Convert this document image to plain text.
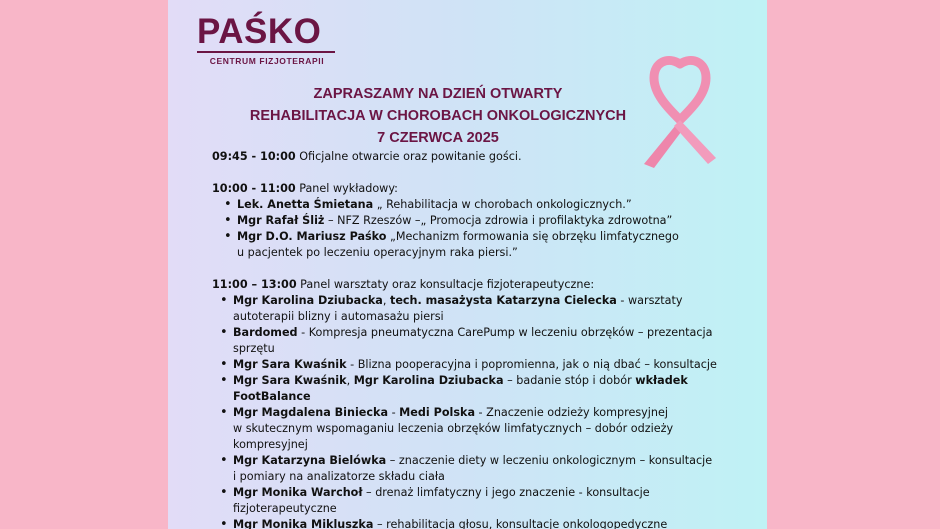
PAŚKO
CENTRUM FIZJOTERAPII
ZAPRASZAMY NA DZIEŃ OTWARTY
REHABILITACJA W CHOROBACH ONKOLOGICZNYCH
7 CZERWCA 2025

09:45 - 10:00 Oficjalne otwarcie oraz powitanie gości.

10:00 - 11:00 Panel wykładowy:

• Lek. Anetta Śmietana „ Rehabilitacja w chorobach onkologicznych.”
• Mgr Rafał Śliż – NFZ Rzeszów –„ Promocja zdrowia i profilaktyka zdrowotna”
• Mgr D.O. Mariusz Paśko „Mechanizm formowania się obrzęku limfatycznego
u pacjentek po leczeniu operacyjnym raka piersi.”

11:00 – 13:00 Panel warsztaty oraz konsultacje fizjoterapeutyczne:

• Mgr Karolina Dziubacka, tech. masażysta Katarzyna Cielecka - warsztaty
autoterapii blizny i automasażu piersi
• Bardomed - Kompresja pneumatyczna CarePump w leczeniu obrzęków – prezentacja
sprzętu
• Mgr Sara Kwaśnik - Blizna pooperacyjna i popromienna, jak o nią dbać – konsultacje
• Mgr Sara Kwaśnik, Mgr Karolina Dziubacka – badanie stóp i dobór wkładek
FootBalance
• Mgr Magdalena Biniecka - Medi Polska - Znaczenie odzieży kompresyjnej
w skutecznym wspomaganiu leczenia obrzęków limfatycznych – dobór odzieży
kompresyjnej
• Mgr Katarzyna Bielówka – znaczenie diety w leczeniu onkologicznym – konsultacje
i pomiary na analizatorze składu ciała
• Mgr Monika Warchoł – drenaż limfatyczny i jego znaczenie - konsultacje
fizjoterapeutyczne
• Mgr Monika Mikluszka – rehabilitacja głosu, konsultacje onkologopedyczne
